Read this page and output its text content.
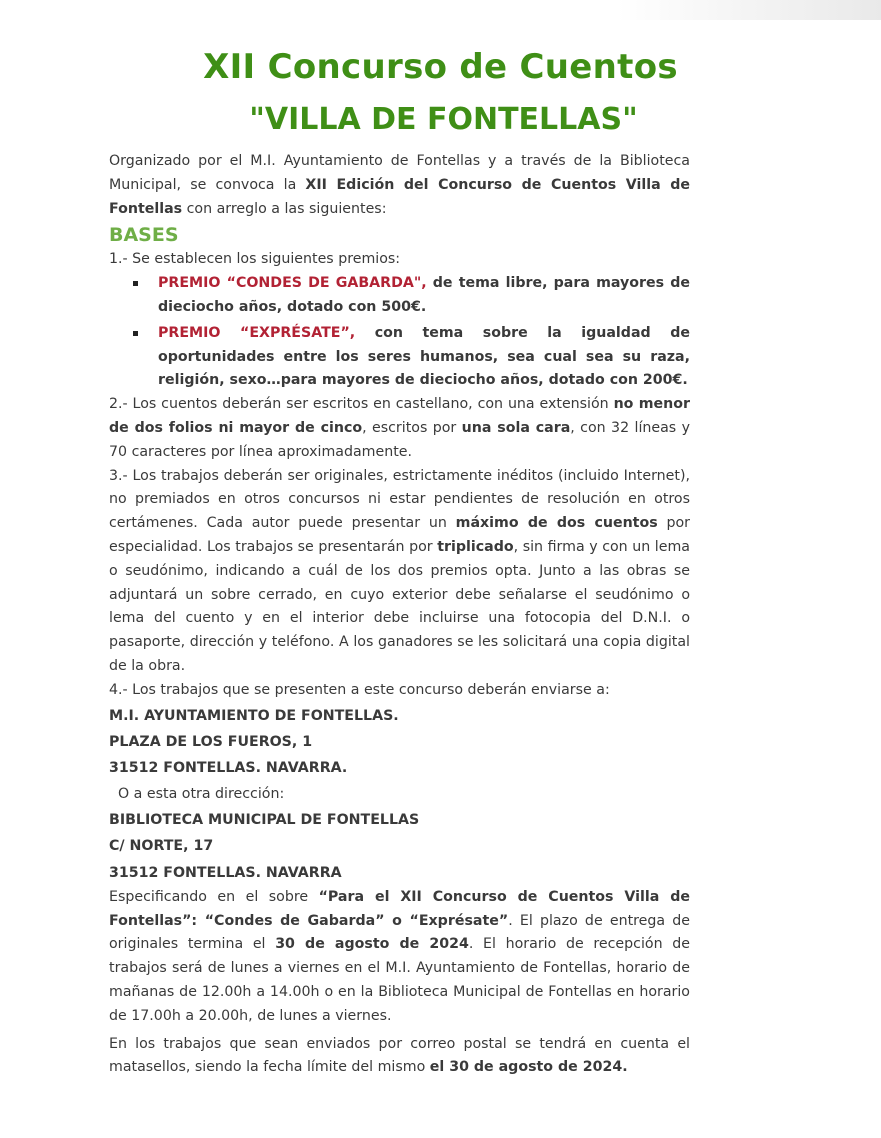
XII Concurso de Cuentos
"VILLA DE FONTELLAS"

Organizado por el M.I. Ayuntamiento de Fontellas y a través de la Biblioteca Municipal, se convoca la XII Edición del Concurso de Cuentos Villa de Fontellas con arreglo a las siguientes:

BASES

1.- Se establecen los siguientes premios:

PREMIO “CONDES DE GABARDA", de tema libre, para mayores de dieciocho años, dotado con 500€.
PREMIO “EXPRÉSATE”, con tema sobre la igualdad de oportunidades entre los seres humanos, sea cual sea su raza, religión, sexo…para mayores de dieciocho años, dotado con 200€.

2.- Los cuentos deberán ser escritos en castellano, con una extensión no menor de dos folios ni mayor de cinco, escritos por una sola cara, con 32 líneas y 70 caracteres por línea aproximadamente.

3.- Los trabajos deberán ser originales, estrictamente inéditos (incluido Internet), no premiados en otros concursos ni estar pendientes de resolución en otros certámenes. Cada autor puede presentar un máximo de dos cuentos por especialidad. Los trabajos se presentarán por triplicado, sin firma y con un lema o seudónimo, indicando a cuál de los dos premios opta. Junto a las obras se adjuntará un sobre cerrado, en cuyo exterior debe señalarse el seudónimo o lema del cuento y en el interior debe incluirse una fotocopia del D.N.I. o pasaporte, dirección y teléfono. A los ganadores se les solicitará una copia digital de la obra.

4.- Los trabajos que se presenten a este concurso deberán enviarse a:

M.I. AYUNTAMIENTO DE FONTELLAS.
PLAZA DE LOS FUEROS, 1
31512 FONTELLAS. NAVARRA.
O a esta otra dirección:
BIBLIOTECA MUNICIPAL DE FONTELLAS
C/ NORTE, 17
31512 FONTELLAS. NAVARRA

Especificando en el sobre “Para el XII Concurso de Cuentos Villa de Fontellas”: “Condes de Gabarda” o “Exprésate”. El plazo de entrega de originales termina el 30 de agosto de 2024. El horario de recepción de trabajos será de lunes a viernes en el M.I. Ayuntamiento de Fontellas, horario de mañanas de 12.00h a 14.00h o en la Biblioteca Municipal de Fontellas en horario de 17.00h a 20.00h, de lunes a viernes.

En los trabajos que sean enviados por correo postal se tendrá en cuenta el matasellos, siendo la fecha límite del mismo el 30 de agosto de 2024.
